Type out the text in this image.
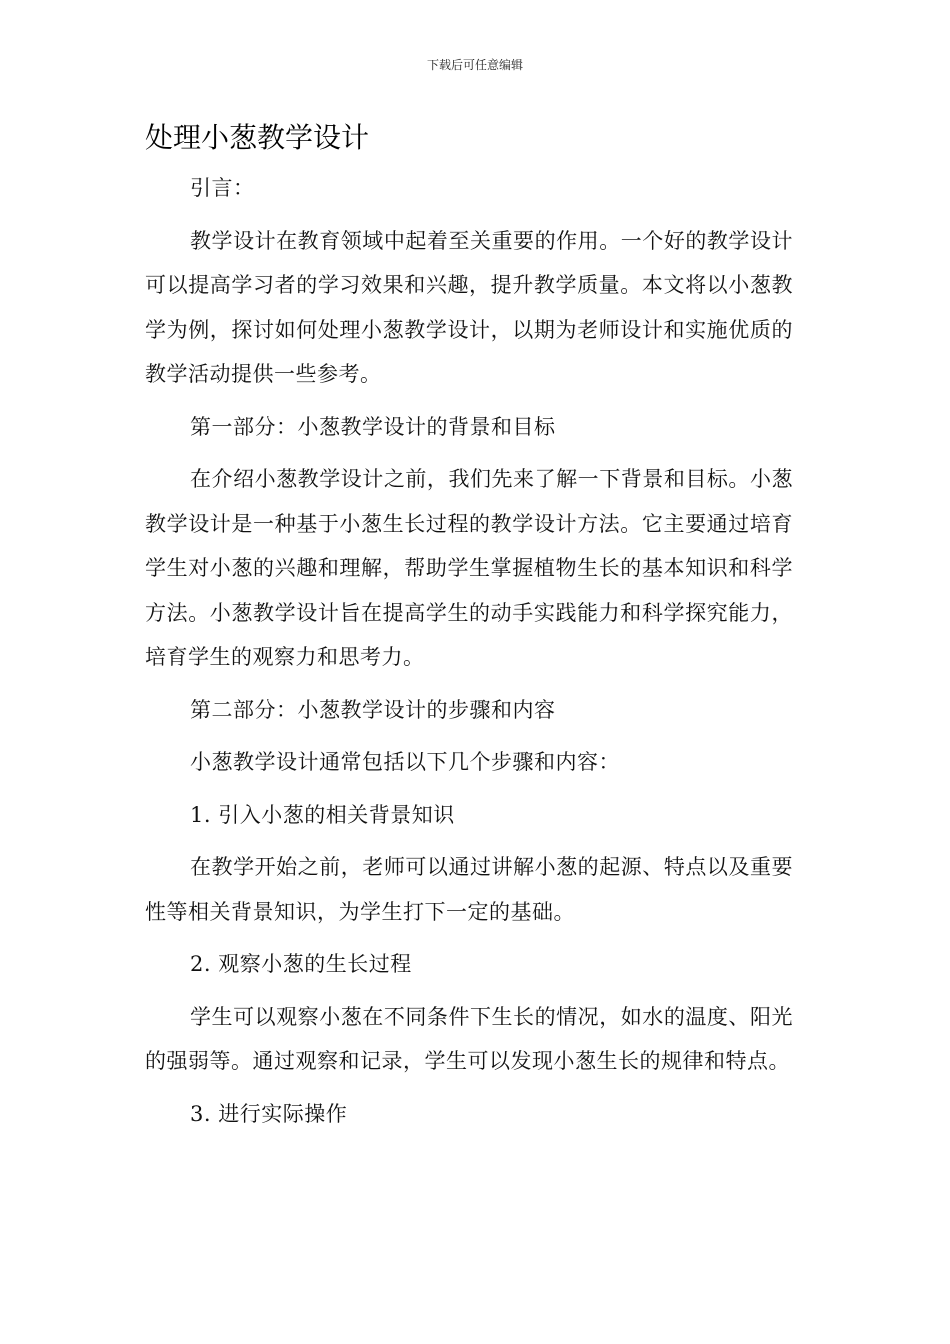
下载后可任意编辑
处理小葱教学设计

引言：

教学设计在教育领域中起着至关重要的作用。一个好的教学设计可以提高学习者的学习效果和兴趣，提升教学质量。本文将以小葱教学为例，探讨如何处理小葱教学设计，以期为老师设计和实施优质的教学活动提供一些参考。

第一部分：小葱教学设计的背景和目标

在介绍小葱教学设计之前，我们先来了解一下背景和目标。小葱教学设计是一种基于小葱生长过程的教学设计方法。它主要通过培育学生对小葱的兴趣和理解，帮助学生掌握植物生长的基本知识和科学方法。小葱教学设计旨在提高学生的动手实践能力和科学探究能力，培育学生的观察力和思考力。

第二部分：小葱教学设计的步骤和内容

小葱教学设计通常包括以下几个步骤和内容：

1. 引入小葱的相关背景知识

在教学开始之前，老师可以通过讲解小葱的起源、特点以及重要性等相关背景知识，为学生打下一定的基础。

2. 观察小葱的生长过程

学生可以观察小葱在不同条件下生长的情况，如水的温度、阳光的强弱等。通过观察和记录，学生可以发现小葱生长的规律和特点。

3. 进行实际操作
